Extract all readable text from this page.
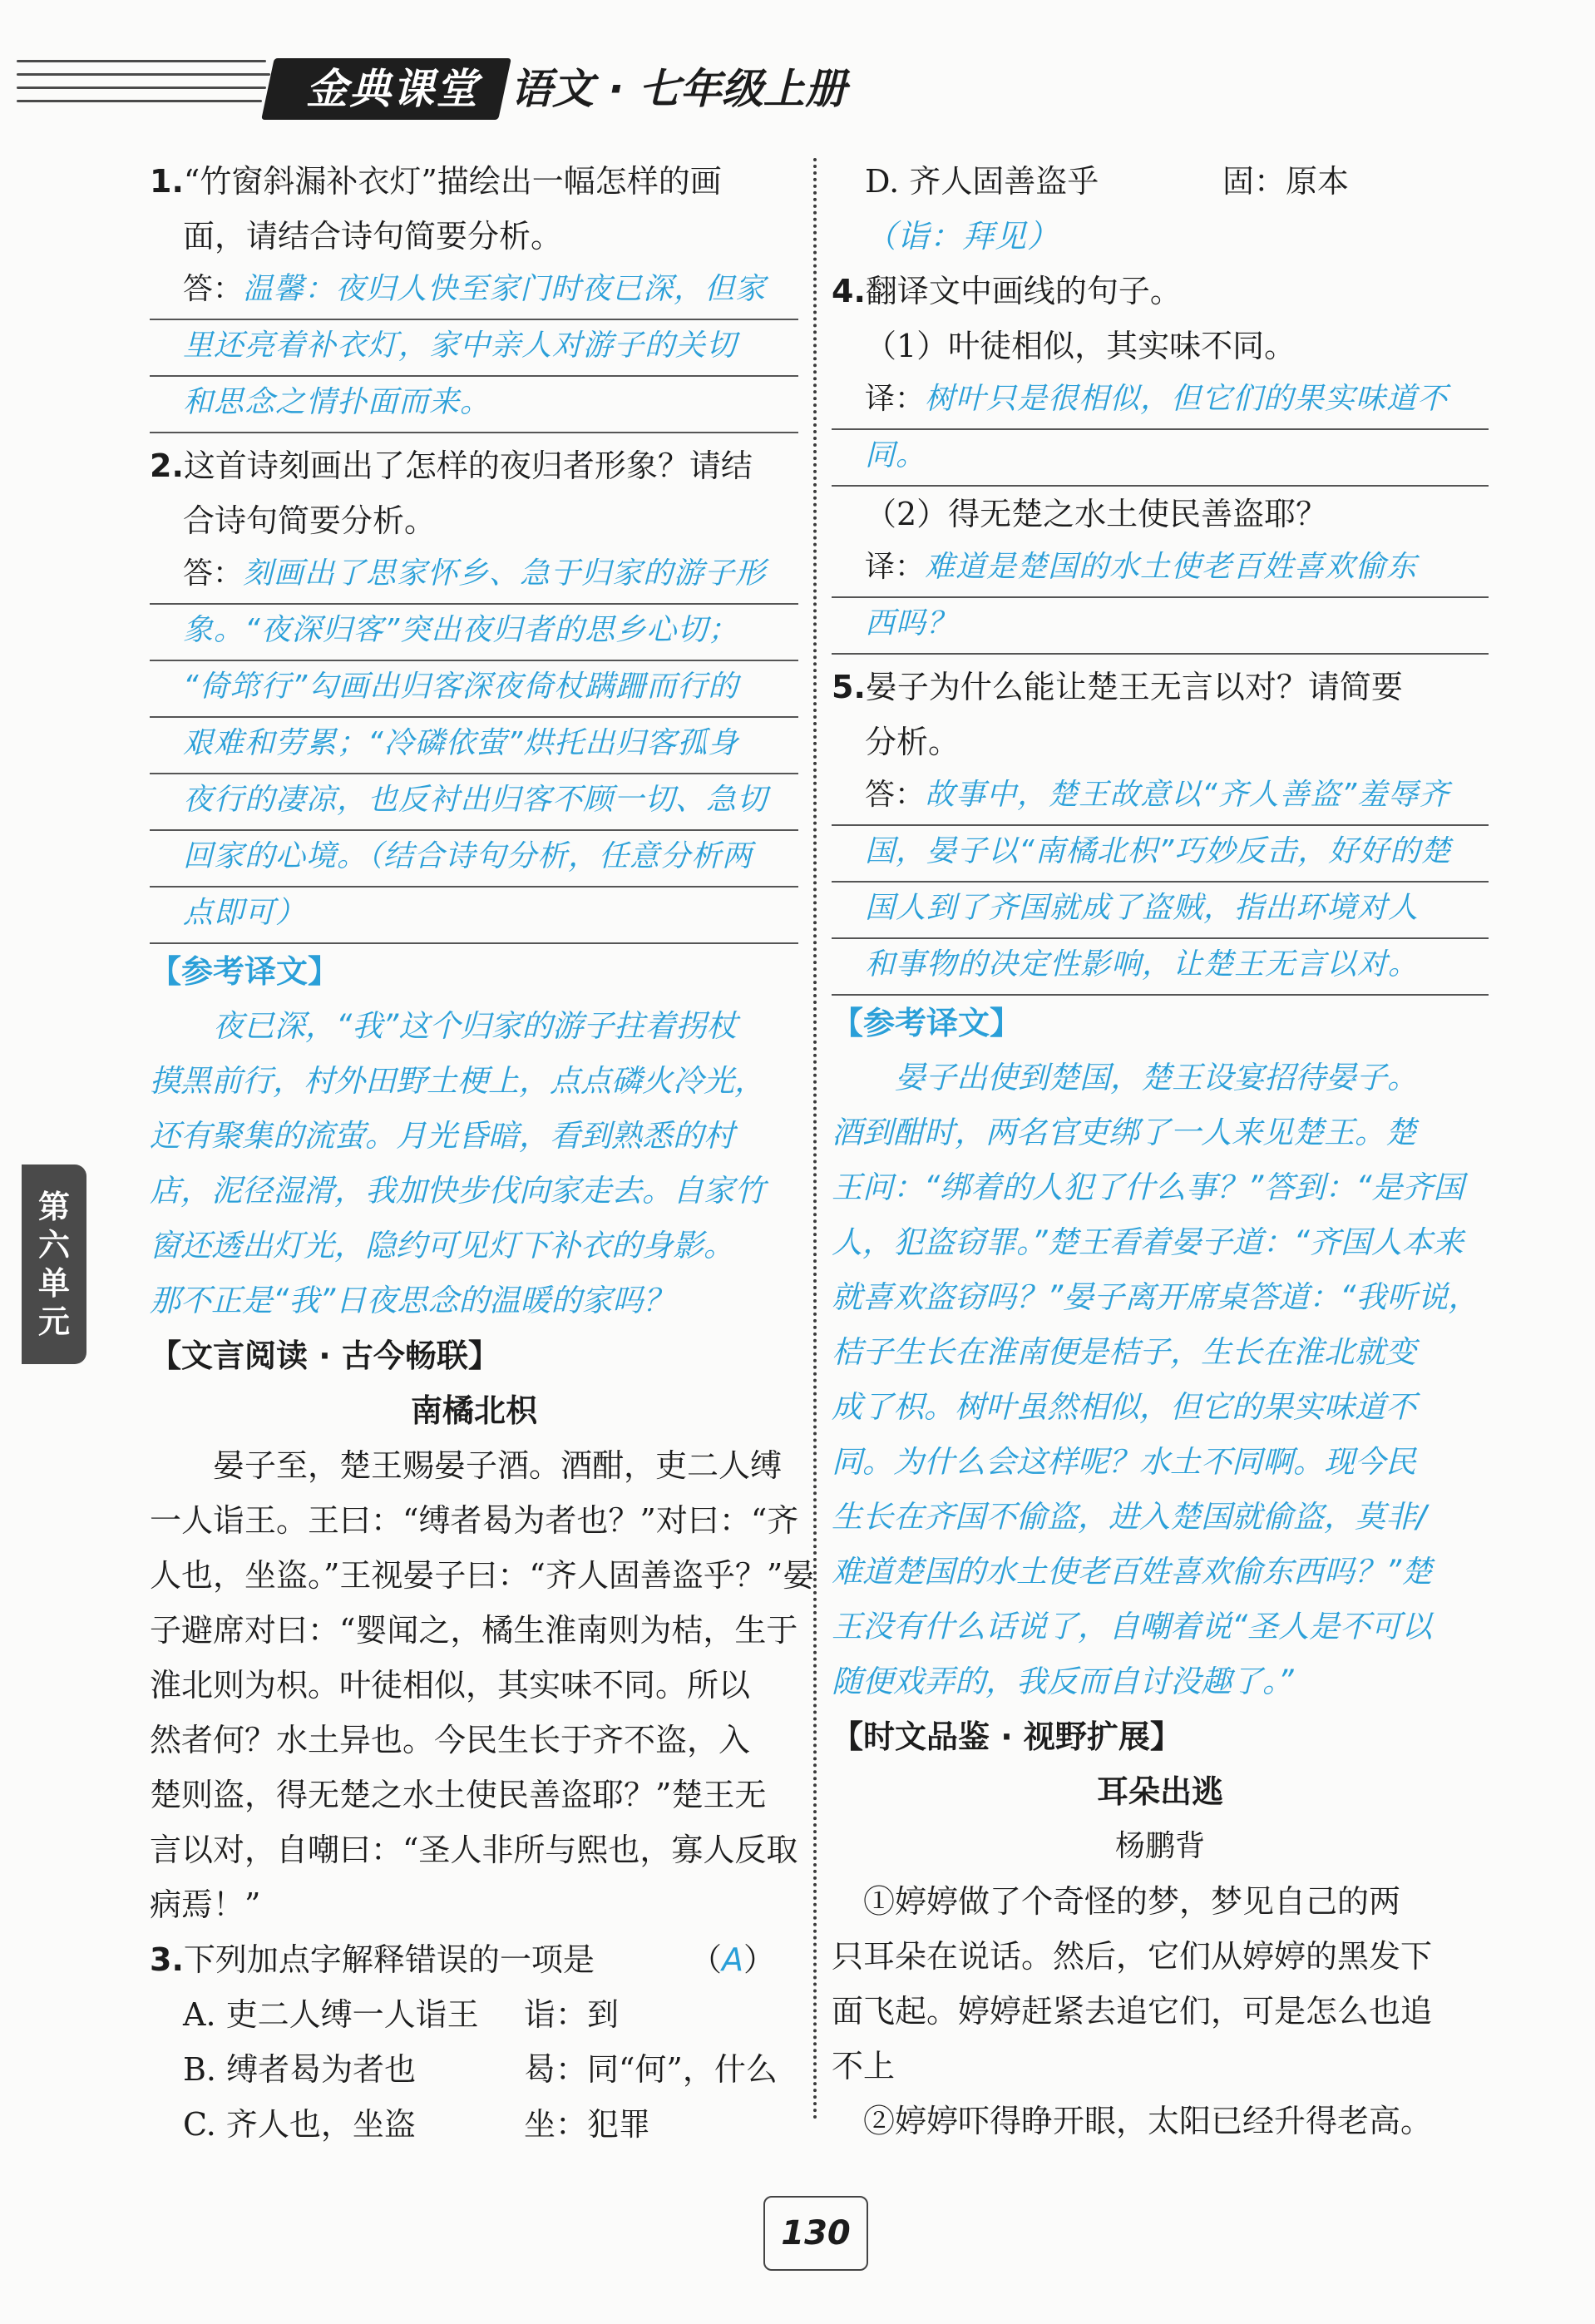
金典课堂 语文 · 七年级上册
第
六
单
元
1.“竹窗斜漏补衣灯”描绘出一幅怎样的画
面，请结合诗句简要分析。
答：温馨：夜归人快至家门时夜已深，但家
里还亮着补衣灯，家中亲人对游子的关切
和思念之情扑面而来。
2.这首诗刻画出了怎样的夜归者形象？请结
合诗句简要分析。
答：刻画出了思家怀乡、急于归家的游子形
象。“夜深归客”突出夜归者的思乡心切；
“倚筇行”勾画出归客深夜倚杖蹒跚而行的
艰难和劳累；“冷磷依萤”烘托出归客孤身
夜行的凄凉，也反衬出归客不顾一切、急切
回家的心境。（结合诗句分析，任意分析两
点即可）
【参考译文】
夜已深，“我”这个归家的游子拄着拐杖
摸黑前行，村外田野土梗上，点点磷火冷光，
还有聚集的流萤。月光昏暗，看到熟悉的村
店，泥径湿滑，我加快步伐向家走去。自家竹
窗还透出灯光，隐约可见灯下补衣的身影。
那不正是“我”日夜思念的温暖的家吗？
【文言阅读 · 古今畅联】
南橘北枳
晏子至，楚王赐晏子酒。酒酣，吏二人缚
一人诣王。王曰：“缚者曷为者也？”对曰：“齐
人也，坐盗。”王视晏子曰：“齐人固善盗乎？”晏
子避席对曰：“婴闻之，橘生淮南则为桔，生于
淮北则为枳。叶徒相似，其实味不同。所以
然者何？水土异也。今民生长于齐不盗，入
楚则盗，得无楚之水土使民善盗耶？”楚王无
言以对，自嘲曰：“圣人非所与熙也，寡人反取
病焉！”
3.下列加点字解释错误的一项是	（A）
A. 吏二人缚一人诣王 诣：到
B. 缚者曷为者也	曷：同“何”，什么
C. 齐人也，坐盗	坐：犯罪
D. 齐人固善盗乎	固：原本
（诣：拜见）
4.翻译文中画线的句子。
（1）叶徒相似，其实味不同。
译：树叶只是很相似，但它们的果实味道不
同。
（2）得无楚之水土使民善盗耶？
译：难道是楚国的水土使老百姓喜欢偷东
西吗？
5.晏子为什么能让楚王无言以对？请简要
分析。
答：故事中，楚王故意以“齐人善盗”羞辱齐
国，晏子以“南橘北枳”巧妙反击，好好的楚
国人到了齐国就成了盗贼，指出环境对人
和事物的决定性影响，让楚王无言以对。
【参考译文】
晏子出使到楚国，楚王设宴招待晏子。
酒到酣时，两名官吏绑了一人来见楚王。楚
王问：“绑着的人犯了什么事？”答到：“是齐国
人，犯盗窃罪。”楚王看着晏子道：“齐国人本来
就喜欢盗窃吗？”晏子离开席桌答道：“我听说，
桔子生长在淮南便是桔子，生长在淮北就变
成了枳。树叶虽然相似，但它的果实味道不
同。为什么会这样呢？水土不同啊。现今民
生长在齐国不偷盗，进入楚国就偷盗，莫非/
难道楚国的水土使老百姓喜欢偷东西吗？”楚
王没有什么话说了，自嘲着说“圣人是不可以
随便戏弄的，我反而自讨没趣了。”
【时文品鉴 · 视野扩展】
耳朵出逃
杨鹏背
①婷婷做了个奇怪的梦，梦见自己的两
只耳朵在说话。然后，它们从婷婷的黑发下
面飞起。婷婷赶紧去追它们，可是怎么也追
不上
②婷婷吓得睁开眼，太阳已经升得老高。
130
